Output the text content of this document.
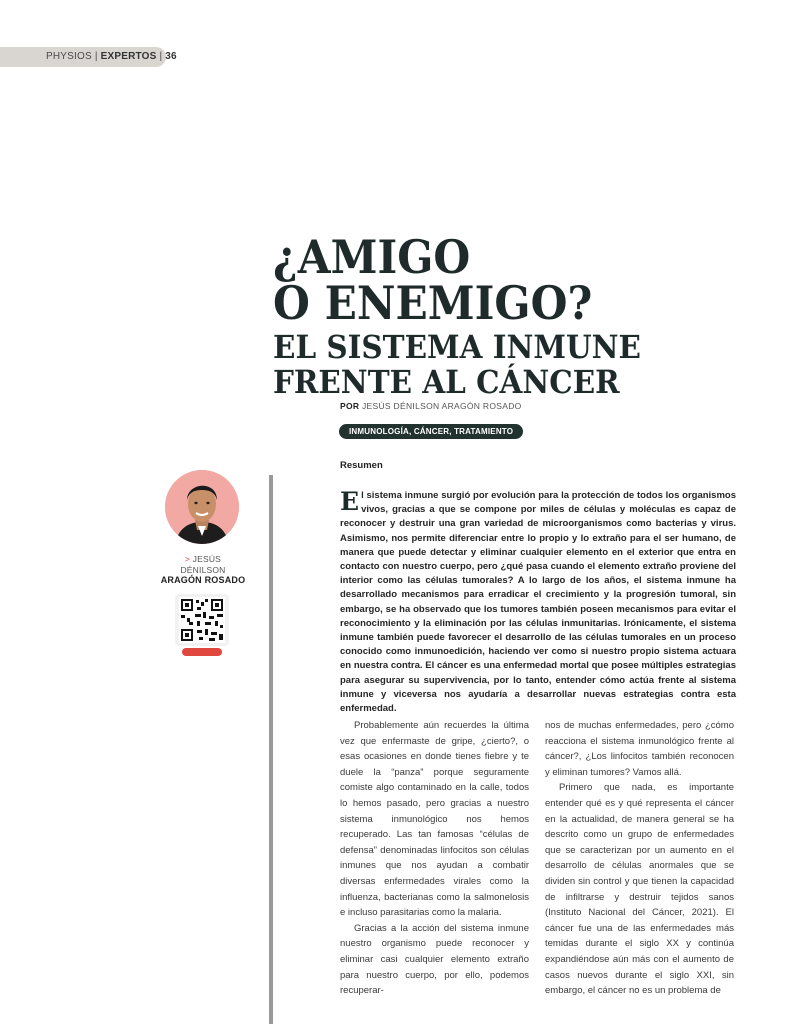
PHYSIOS | EXPERTOS | 36
¿AMIGO
O ENEMIGO?
EL SISTEMA INMUNE
FRENTE AL CÁNCER
POR JESÚS DÉNILSON ARAGÓN ROSADO
INMUNOLOGÍA, CÁNCER, TRATAMIENTO
> JESÚS
DÉNILSON
ARAGÓN ROSADO
Resumen

El sistema inmune surgió por evolución para la protección de todos los organismos vivos, gracias a que se compone por miles de células y moléculas es capaz de reconocer y destruir una gran variedad de microorganismos como bacterias y virus. Asimismo, nos permite diferenciar entre lo propio y lo extraño para el ser humano, de manera que puede detectar y eliminar cualquier elemento en el exterior que entra en contacto con nuestro cuerpo, pero ¿qué pasa cuando el elemento extraño proviene del interior como las células tumorales? A lo largo de los años, el sistema inmune ha desarrollado mecanismos para erradicar el crecimiento y la progresión tumoral, sin embargo, se ha observado que los tumores también poseen mecanismos para evitar el reconocimiento y la eliminación por las células inmunitarias. Irónicamente, el sistema inmune también puede favorecer el desarrollo de las células tumorales en un proceso conocido como inmunoedición, haciendo ver como si nuestro propio sistema actuara en nuestra contra. El cáncer es una enfermedad mortal que posee múltiples estrategias para asegurar su supervivencia, por lo tanto, entender cómo actúa frente al sistema inmune y viceversa nos ayudaría a desarrollar nuevas estrategias contra esta enfermedad.

Probablemente aún recuerdes la última vez que enfermaste de gripe, ¿cierto?, o esas ocasiones en donde tienes fiebre y te duele la “panza” porque seguramente comiste algo contaminado en la calle, todos lo hemos pasado, pero gracias a nuestro sistema inmunológico nos hemos recuperado. Las tan famosas “células de defensa” denominadas linfocitos son células inmunes que nos ayudan a combatir diversas enfermedades virales como la influenza, bacterianas como la salmonelosis e incluso parasitarias como la malaria.

Gracias a la acción del sistema inmune nuestro organismo puede reconocer y eliminar casi cualquier elemento extraño para nuestro cuerpo, por ello, podemos recuperar-

nos de muchas enfermedades, pero ¿cómo reacciona el sistema inmunológico frente al cáncer?, ¿Los linfocitos también reconocen y eliminan tumores? Vamos allá.

Primero que nada, es importante entender qué es y qué representa el cáncer en la actualidad, de manera general se ha descrito como un grupo de enfermedades que se caracterizan por un aumento en el desarrollo de células anormales que se dividen sin control y que tienen la capacidad de infiltrarse y destruir tejidos sanos (Instituto Nacional del Cáncer, 2021). El cáncer fue una de las enfermedades más temidas durante el siglo XX y continúa expandiéndose aún más con el aumento de casos nuevos durante el siglo XXI, sin embargo, el cáncer no es un problema de
